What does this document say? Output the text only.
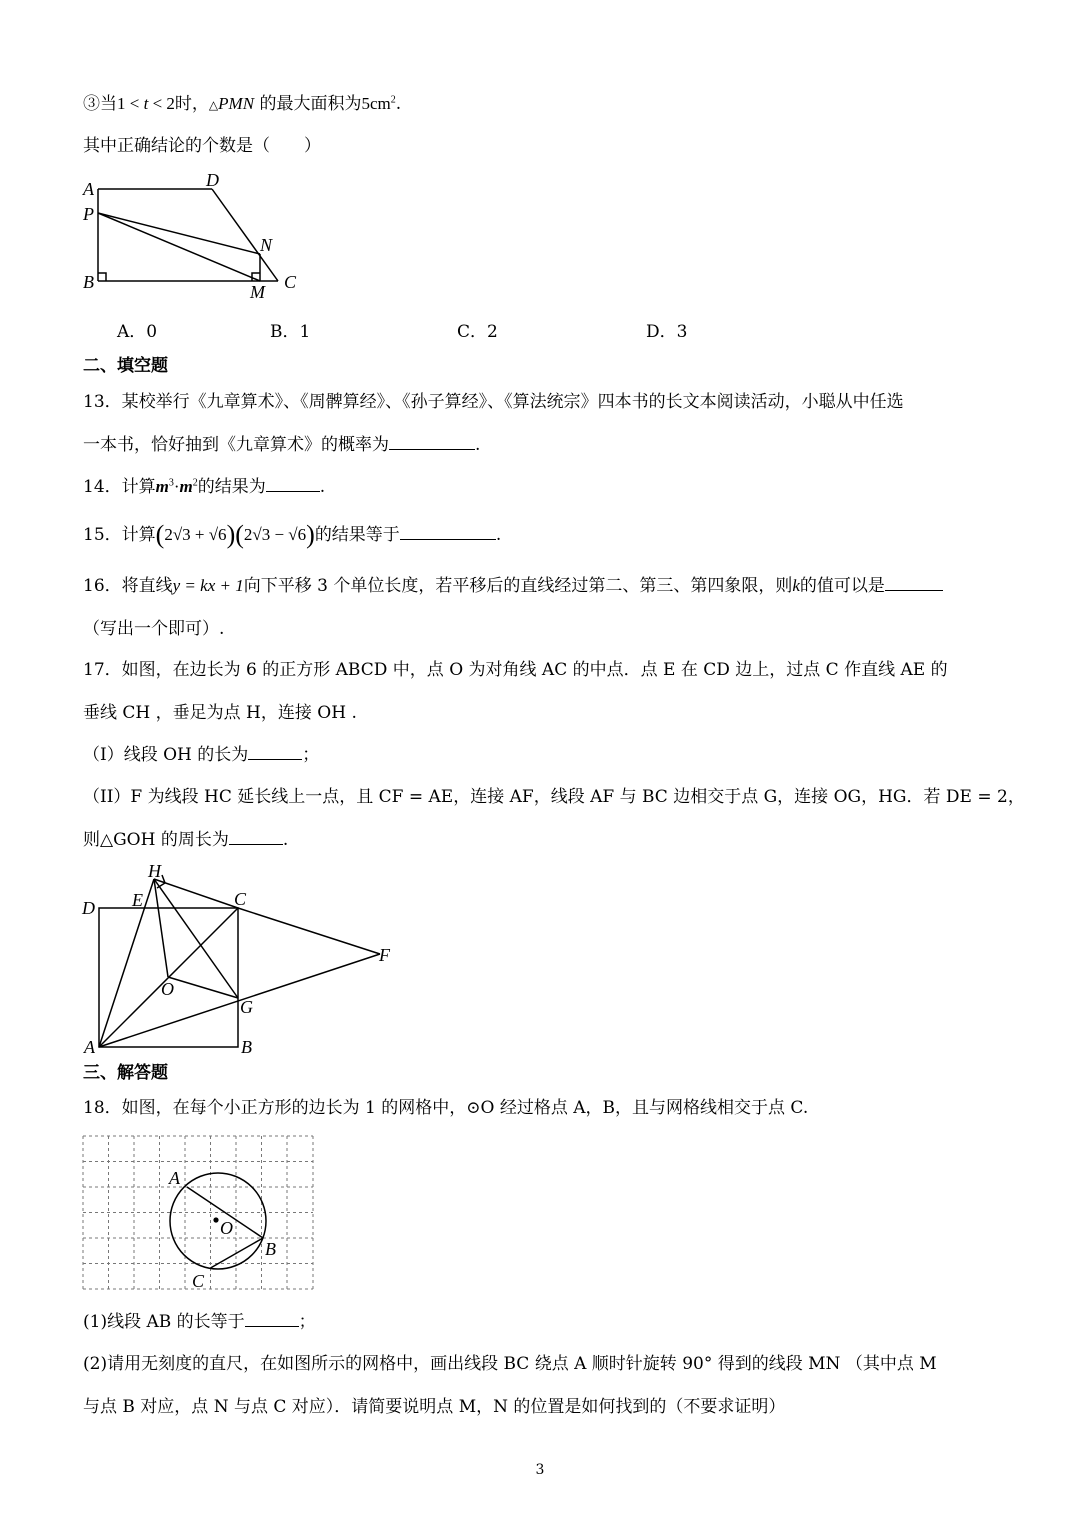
③当1 < t < 2时，△PMN 的最大面积为$5cm^2$.
其中正确结论的个数是（　　）
A	D
P
N
B	M C
A．0	B．1	C．2	D．3
二、填空题
13．某校举行《九章算术》、《周髀算经》、《孙子算经》、《算法统宗》四本书的长文本阅读活动，小聪从中任选
一本书，恰好抽到《九章算术》的概率为	.
14．计算$m^3\cdot m^2$的结果为	.
15．计算(2√3 + √6)(2√3 − √6)的结果等于	.
16．将直线y = kx + 1向下平移 3 个单位长度，若平移后的直线经过第二、第三、第四象限，则k的值可以是
（写出一个即可）.
17．如图，在边长为 6 的正方形 ABCD 中，点 O 为对角线 AC 的中点．点 E 在 CD 边上，过点 C 作直线 AE 的
垂线 CH ，垂足为点 H，连接 OH .
（I）线段 OH 的长为	；
（II）F 为线段 HC 延长线上一点，且 CF = AE，连接 AF，线段 AF 与 BC 边相交于点 G，连接 OG，HG．若 DE = 2，
则△GOH 的周长为	.
H
D E	C
F
O
G
A	B
三、解答题
18．如图，在每个小正方形的边长为 1 的网格中，⊙O 经过格点 A，B，且与网格线相交于点 C.
A
O
B
C
(1)线段 AB 的长等于	；
(2)请用无刻度的直尺，在如图所示的网格中，画出线段 BC 绕点 A 顺时针旋转 90° 得到的线段 MN （其中点 M
与点 B 对应，点 N 与点 C 对应）．请简要说明点 M，N 的位置是如何找到的（不要求证明）
3
